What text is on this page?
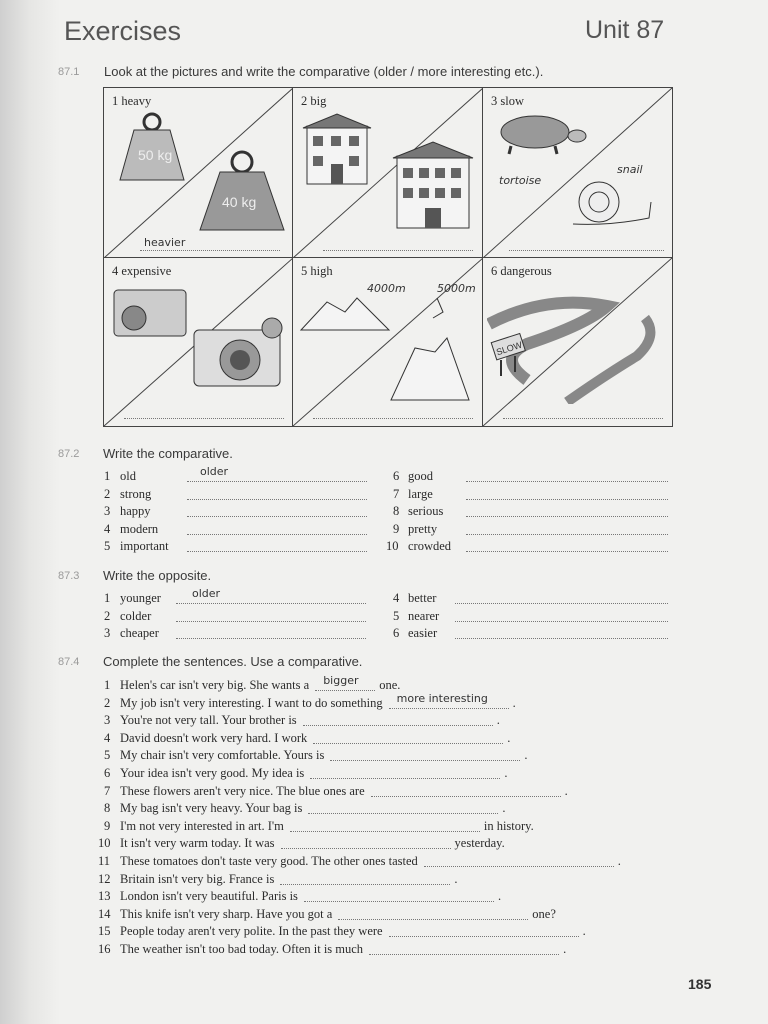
Exercises	Unit 87
87.1 Look at the pictures and write the comparative (older / more interesting etc.).
1 heavy
50 kg
40 kg
heavier
2 big	3 slow
tortoise
snail
4 expensive	5 high
4000m	5000m
6 dangerous
SLOW
87.2 Write the comparative.
1 old	older
2 strong
3 happy
4 modern
5 important
6 good
7 large
8 serious
9 pretty
10 crowded
87.3 Write the opposite.
1 younger	older
2 colder
3 cheaper
4 better
5 nearer
6 easier
87.4 Complete the sentences. Use a comparative.
1 Helen's car isn't very big. She wants a bigger one.
2 My job isn't very interesting. I want to do something more interesting .
3 You're not very tall. Your brother is	.
4 David doesn't work very hard. I work	.
5 My chair isn't very comfortable. Yours is	.
6 Your idea isn't very good. My idea is	.
7 These flowers aren't very nice. The blue ones are	.
8 My bag isn't very heavy. Your bag is	.
9 I'm not very interested in art. I'm	in history.
10 It isn't very warm today. It was	yesterday.
11 These tomatoes don't taste very good. The other ones tasted	.
12 Britain isn't very big. France is	.
13 London isn't very beautiful. Paris is	.
14 This knife isn't very sharp. Have you got a	one?
15 People today aren't very polite. In the past they were	.
16 The weather isn't too bad today. Often it is much	.
185
